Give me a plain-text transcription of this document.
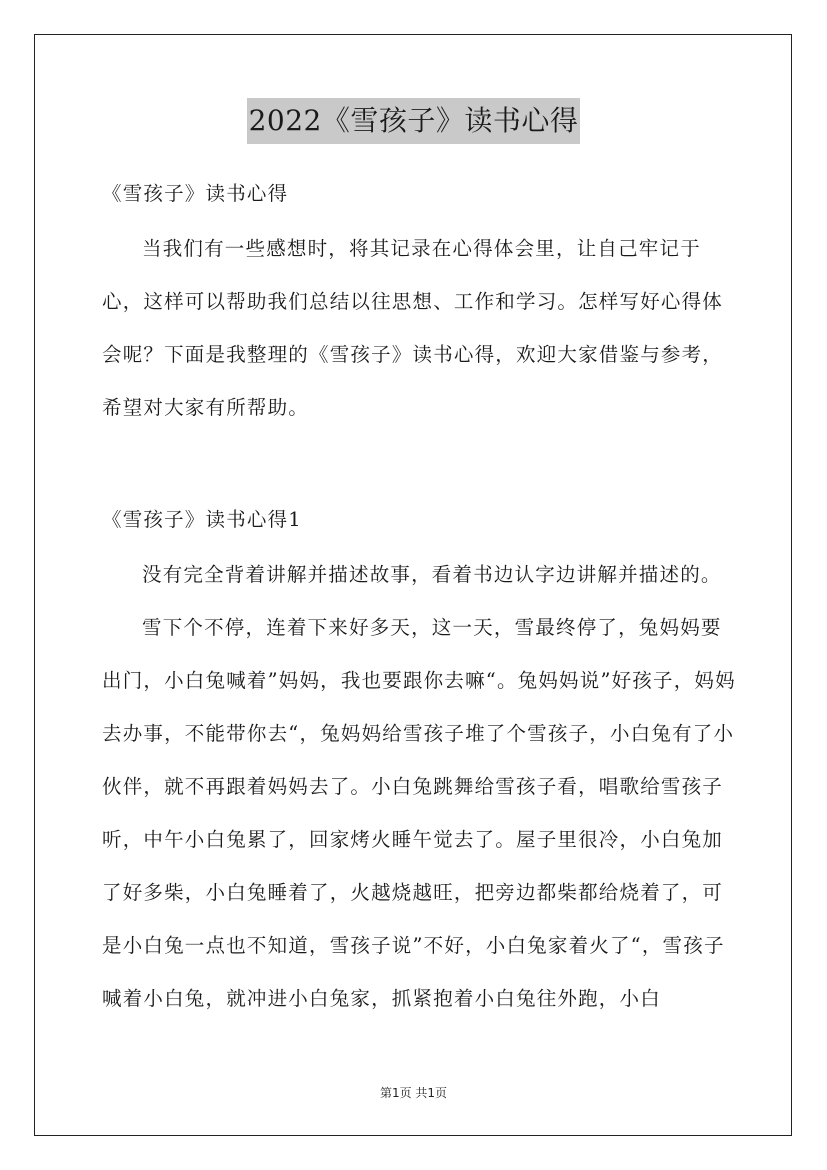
2022《雪孩子》读书心得
《雪孩子》读书心得

当我们有一些感想时，将其记录在心得体会里，让自己牢记于心，这样可以帮助我们总结以往思想、工作和学习。怎样写好心得体会呢？下面是我整理的《雪孩子》读书心得，欢迎大家借鉴与参考，希望对大家有所帮助。

《雪孩子》读书心得1

没有完全背着讲解并描述故事，看着书边认字边讲解并描述的。

雪下个不停，连着下来好多天，这一天，雪最终停了，兔妈妈要出门，小白兔喊着”妈妈，我也要跟你去嘛“。兔妈妈说”好孩子，妈妈去办事，不能带你去“，兔妈妈给雪孩子堆了个雪孩子，小白兔有了小伙伴，就不再跟着妈妈去了。小白兔跳舞给雪孩子看，唱歌给雪孩子听，中午小白兔累了，回家烤火睡午觉去了。屋子里很冷，小白兔加了好多柴，小白兔睡着了，火越烧越旺，把旁边都柴都给烧着了，可是小白兔一点也不知道，雪孩子说”不好，小白兔家着火了“，雪孩子喊着小白兔，就冲进小白兔家，抓紧抱着小白兔往外跑，小白

第1页 共1页
